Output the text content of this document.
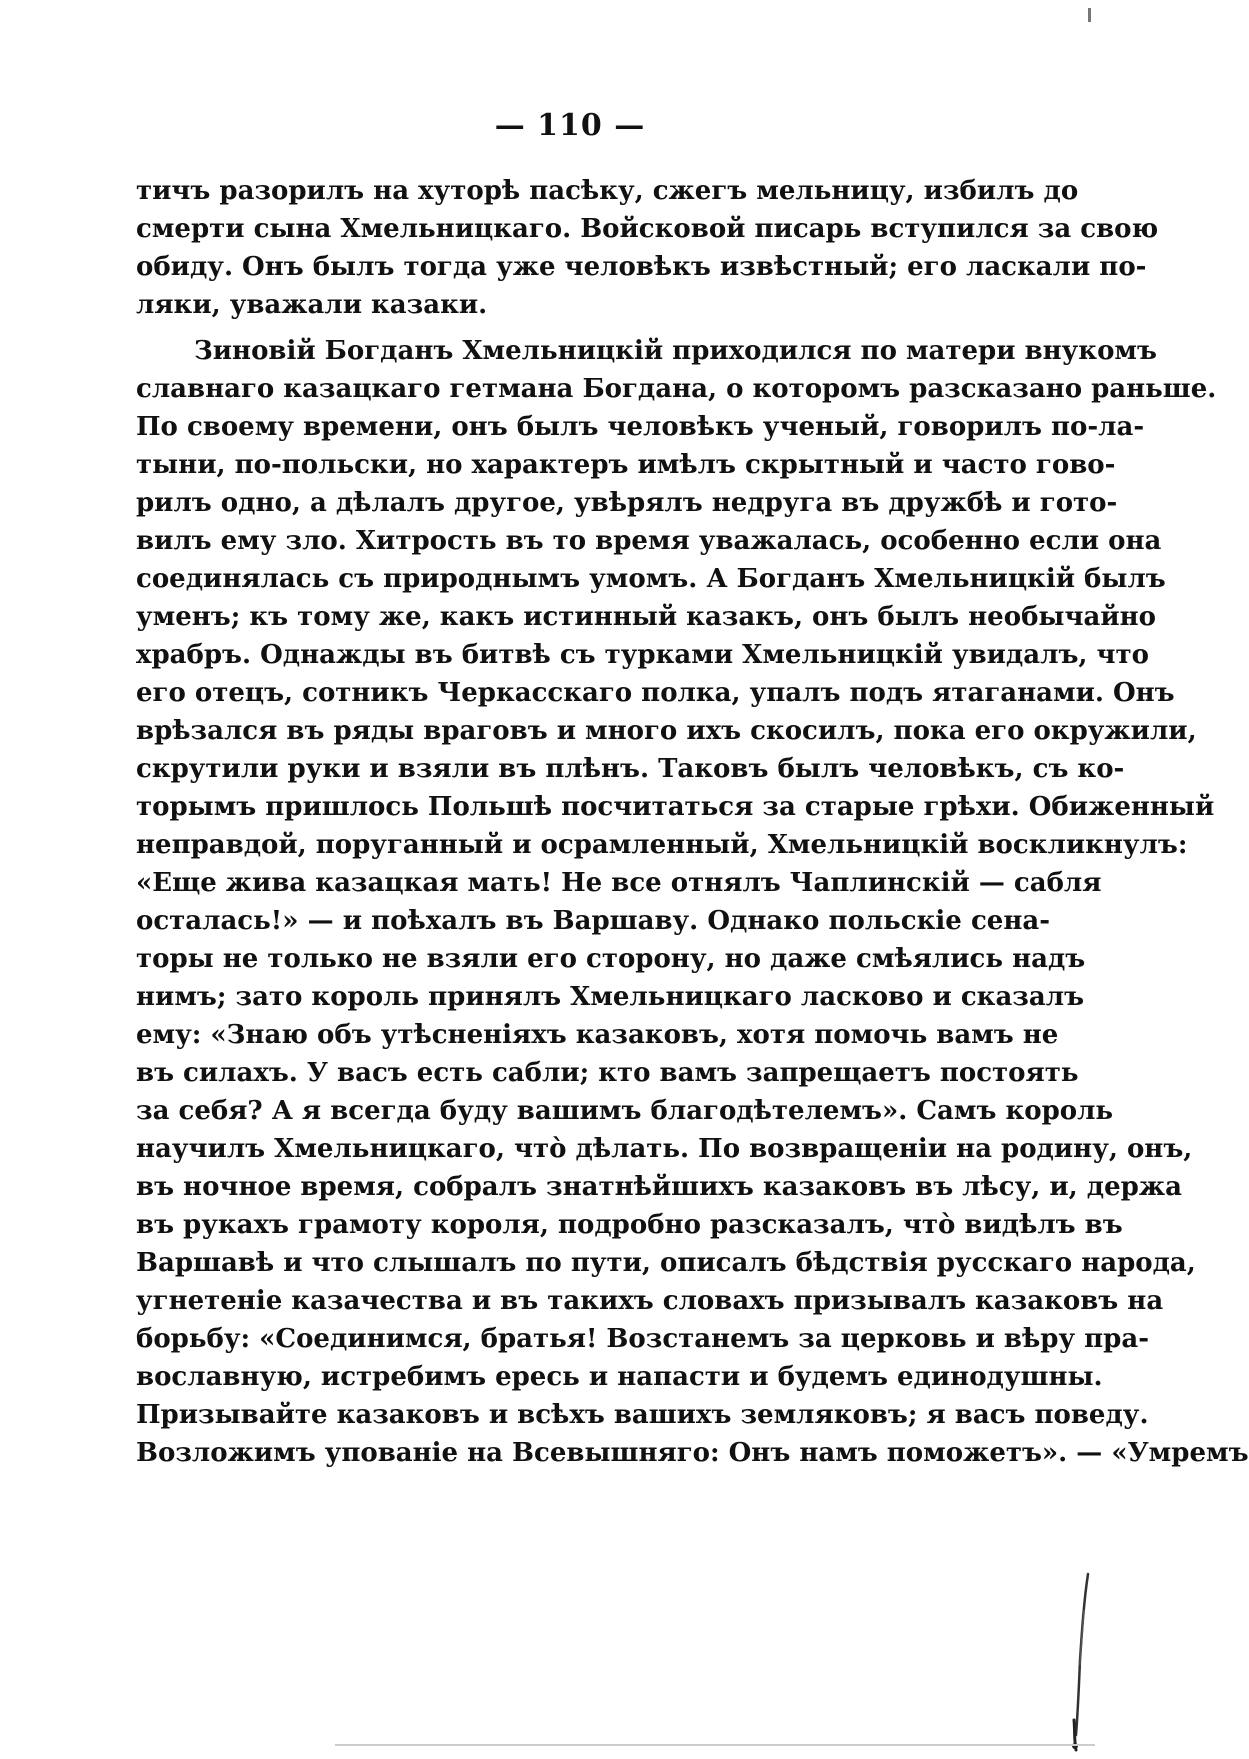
— 110 —
тичъ разорилъ на хуторѣ пасѣку, сжегъ мельницу, избилъ до
смерти сына Хмельницкаго. Войсковой писарь вступился за свою
обиду. Онъ былъ тогда уже человѣкъ извѣстный; его ласкали по-
ляки, уважали казаки.
Зиновій Богданъ Хмельницкій приходился по матери внукомъ
славнаго казацкаго гетмана Богдана, о которомъ разсказано раньше.
По своему времени, онъ былъ человѣкъ ученый, говорилъ по-ла-
тыни, по-польски, но характеръ имѣлъ скрытный и часто гово-
рилъ одно, а дѣлалъ другое, увѣрялъ недруга въ дружбѣ и гото-
вилъ ему зло. Хитрость въ то время уважалась, особенно если она
соединялась съ природнымъ умомъ. А Богданъ Хмельницкій былъ
уменъ; къ тому же, какъ истинный казакъ, онъ былъ необычайно
храбръ. Однажды въ битвѣ съ турками Хмельницкій увидалъ, что
его отецъ, сотникъ Черкасскаго полка, упалъ подъ ятаганами. Онъ
врѣзался въ ряды враговъ и много ихъ скосилъ, пока его окружили,
скрутили руки и взяли въ плѣнъ. Таковъ былъ человѣкъ, съ ко-
торымъ пришлось Польшѣ посчитаться за старые грѣхи. Обиженный
неправдой, поруганный и осрамленный, Хмельницкій воскликнулъ:
«Еще жива казацкая мать! Не все отнялъ Чаплинскій — сабля
осталась!» — и поѣхалъ въ Варшаву. Однако польскіе сена-
торы не только не взяли его сторону, но даже смѣялись надъ
нимъ; зато король принялъ Хмельницкаго ласково и сказалъ
ему: «Знаю объ утѣсненіяхъ казаковъ, хотя помочь вамъ не
въ силахъ. У васъ есть сабли; кто вамъ запрещаетъ постоять
за себя? А я всегда буду вашимъ благодѣтелемъ». Самъ король
научилъ Хмельницкаго, что̀ дѣлать. По возвращеніи на родину, онъ,
въ ночное время, собралъ знатнѣйшихъ казаковъ въ лѣсу, и, держа
въ рукахъ грамоту короля, подробно разсказалъ, что̀ видѣлъ въ
Варшавѣ и что слышалъ по пути, описалъ бѣдствія русскаго народа,
угнетеніе казачества и въ такихъ словахъ призывалъ казаковъ на
борьбу: «Соединимся, братья! Возстанемъ за церковь и вѣру пра-
вославную, истребимъ ересь и напасти и будемъ единодушны.
Призывайте казаковъ и всѣхъ вашихъ земляковъ; я васъ поведу.
Возложимъ упованіе на Всевышняго: Онъ намъ поможетъ». — «Умремъ
